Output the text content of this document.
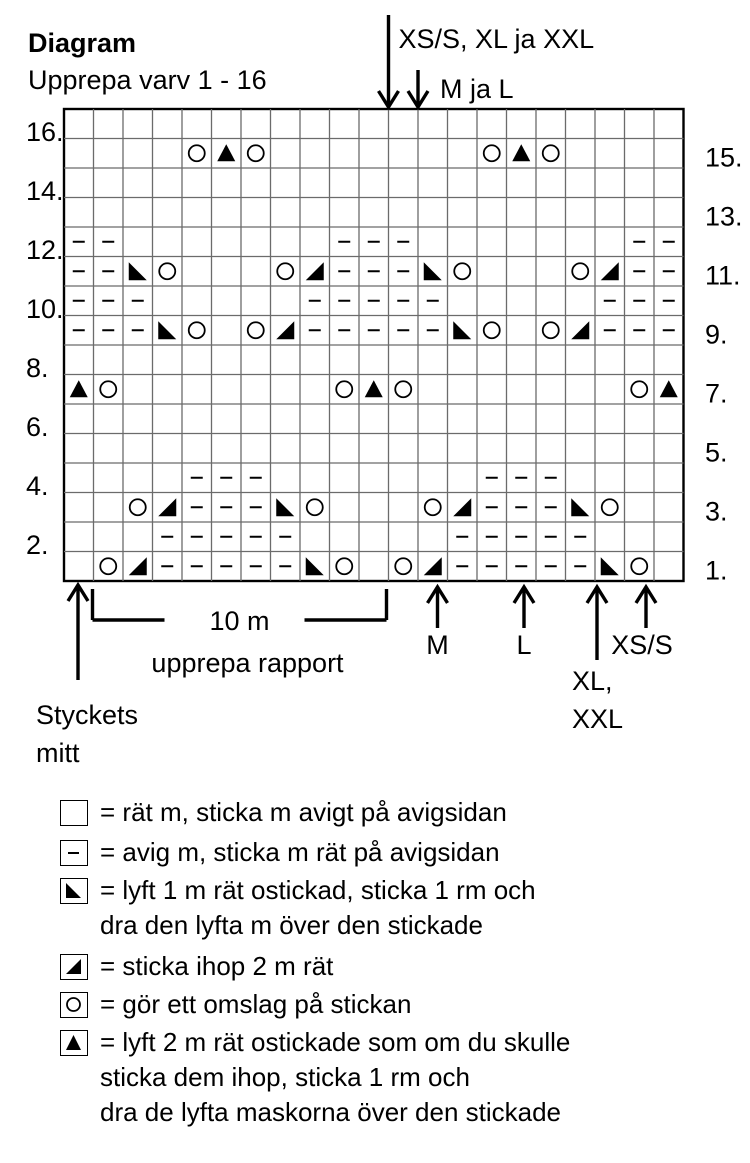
Diagram
Upprepa varv 1 - 16
16.
14.
12.
10.
8.
6.
4.
2.
15.
13.
11.
9.
7.
5.
3.
1.
XS/S, XL ja XXL
M ja L
10 m
upprepa rapport
M	L	XS/S
Styckets mitt
XL, XXL
= rät m, sticka m avigt på avigsidan
= avig m, sticka m rät på avigsidan
= lyft 1 m rät ostickad, sticka 1 rm och
dra den lyfta m över den stickade
= sticka ihop 2 m rät
= gör ett omslag på stickan
= lyft 2 m rät ostickade som om du skulle
sticka dem ihop, sticka 1 rm och
dra de lyfta maskorna över den stickade
